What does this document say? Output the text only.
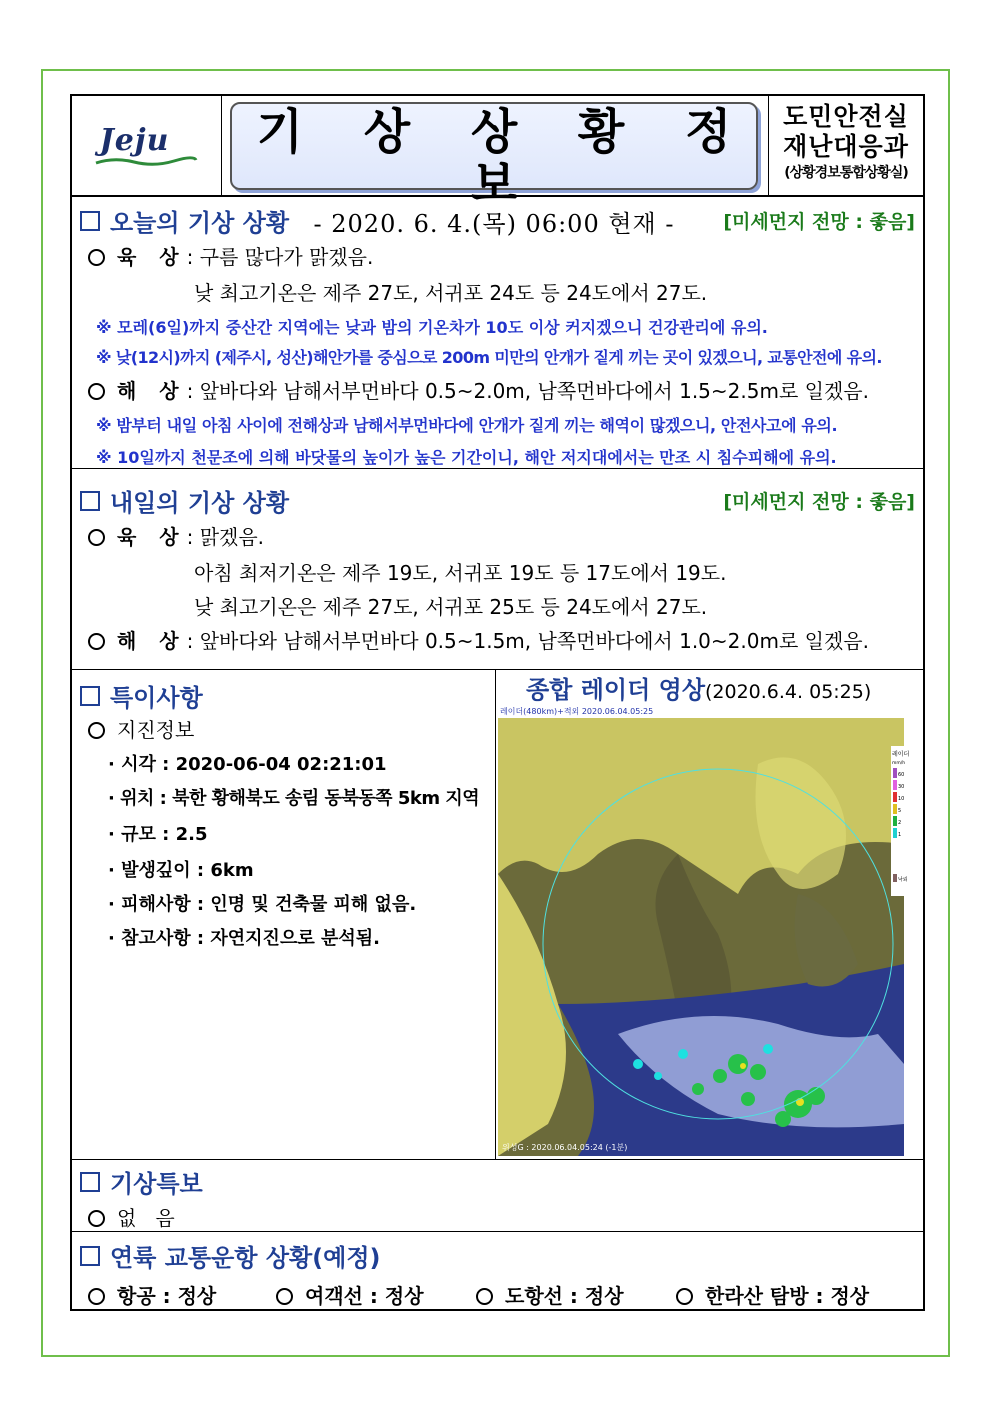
Jeju	기 상 상 황 정 보
- 2020. 6. 4.(목) 06:00 현재 -
도민안전실
재난대응과
(상황경보통합상황실)
오늘의 기상 상황	[미세먼지 전망 : 좋음]
육 상: 구름 많다가 맑겠음.
낮 최고기온은 제주 27도, 서귀포 24도 등 24도에서 27도.
※ 모레(6일)까지 중산간 지역에는 낮과 밤의 기온차가 10도 이상 커지겠으니 건강관리에 유의.
※ 낮(12시)까지 (제주시, 성산)해안가를 중심으로 200m 미만의 안개가 짙게 끼는 곳이 있겠으니, 교통안전에 유의.
해 상: 앞바다와 남해서부먼바다 0.5~2.0m, 남쪽먼바다에서 1.5~2.5m로 일겠음.
※ 밤부터 내일 아침 사이에 전해상과 남해서부먼바다에 안개가 짙게 끼는 해역이 많겠으니, 안전사고에 유의.
※ 10일까지 천문조에 의해 바닷물의 높이가 높은 기간이니, 해안 저지대에서는 만조 시 침수피해에 유의.
내일의 기상 상황	[미세먼지 전망 : 좋음]
육 상: 맑겠음.
아침 최저기온은 제주 19도, 서귀포 19도 등 17도에서 19도.
낮 최고기온은 제주 27도, 서귀포 25도 등 24도에서 27도.
해 상: 앞바다와 남해서부먼바다 0.5~1.5m, 남쪽먼바다에서 1.0~2.0m로 일겠음.
특이사항
지진정보
· 시각 : 2020-06-04 02:21:01
· 위치 : 북한 황해북도 송림 동북동쪽 5km 지역
· 규모 : 2.5
· 발생깊이 : 6km
· 피해사항 : 인명 및 건축물 피해 없음.
· 참고사항 : 자연지진으로 분석됨.
종합 레이더 영상(2020.6.4. 05:25)
레이더(480km)+적외 2020.06.04.05:25
레이더
mm/h
낙뢰
위성G : 2020.06.04.05:24 (-1분)
60
30
10
5
2
1
기상특보
없   음
연륙 교통운항 상황(예정)
항공 : 정상	여객선 : 정상	도항선 : 정상	한라산 탐방 : 정상
